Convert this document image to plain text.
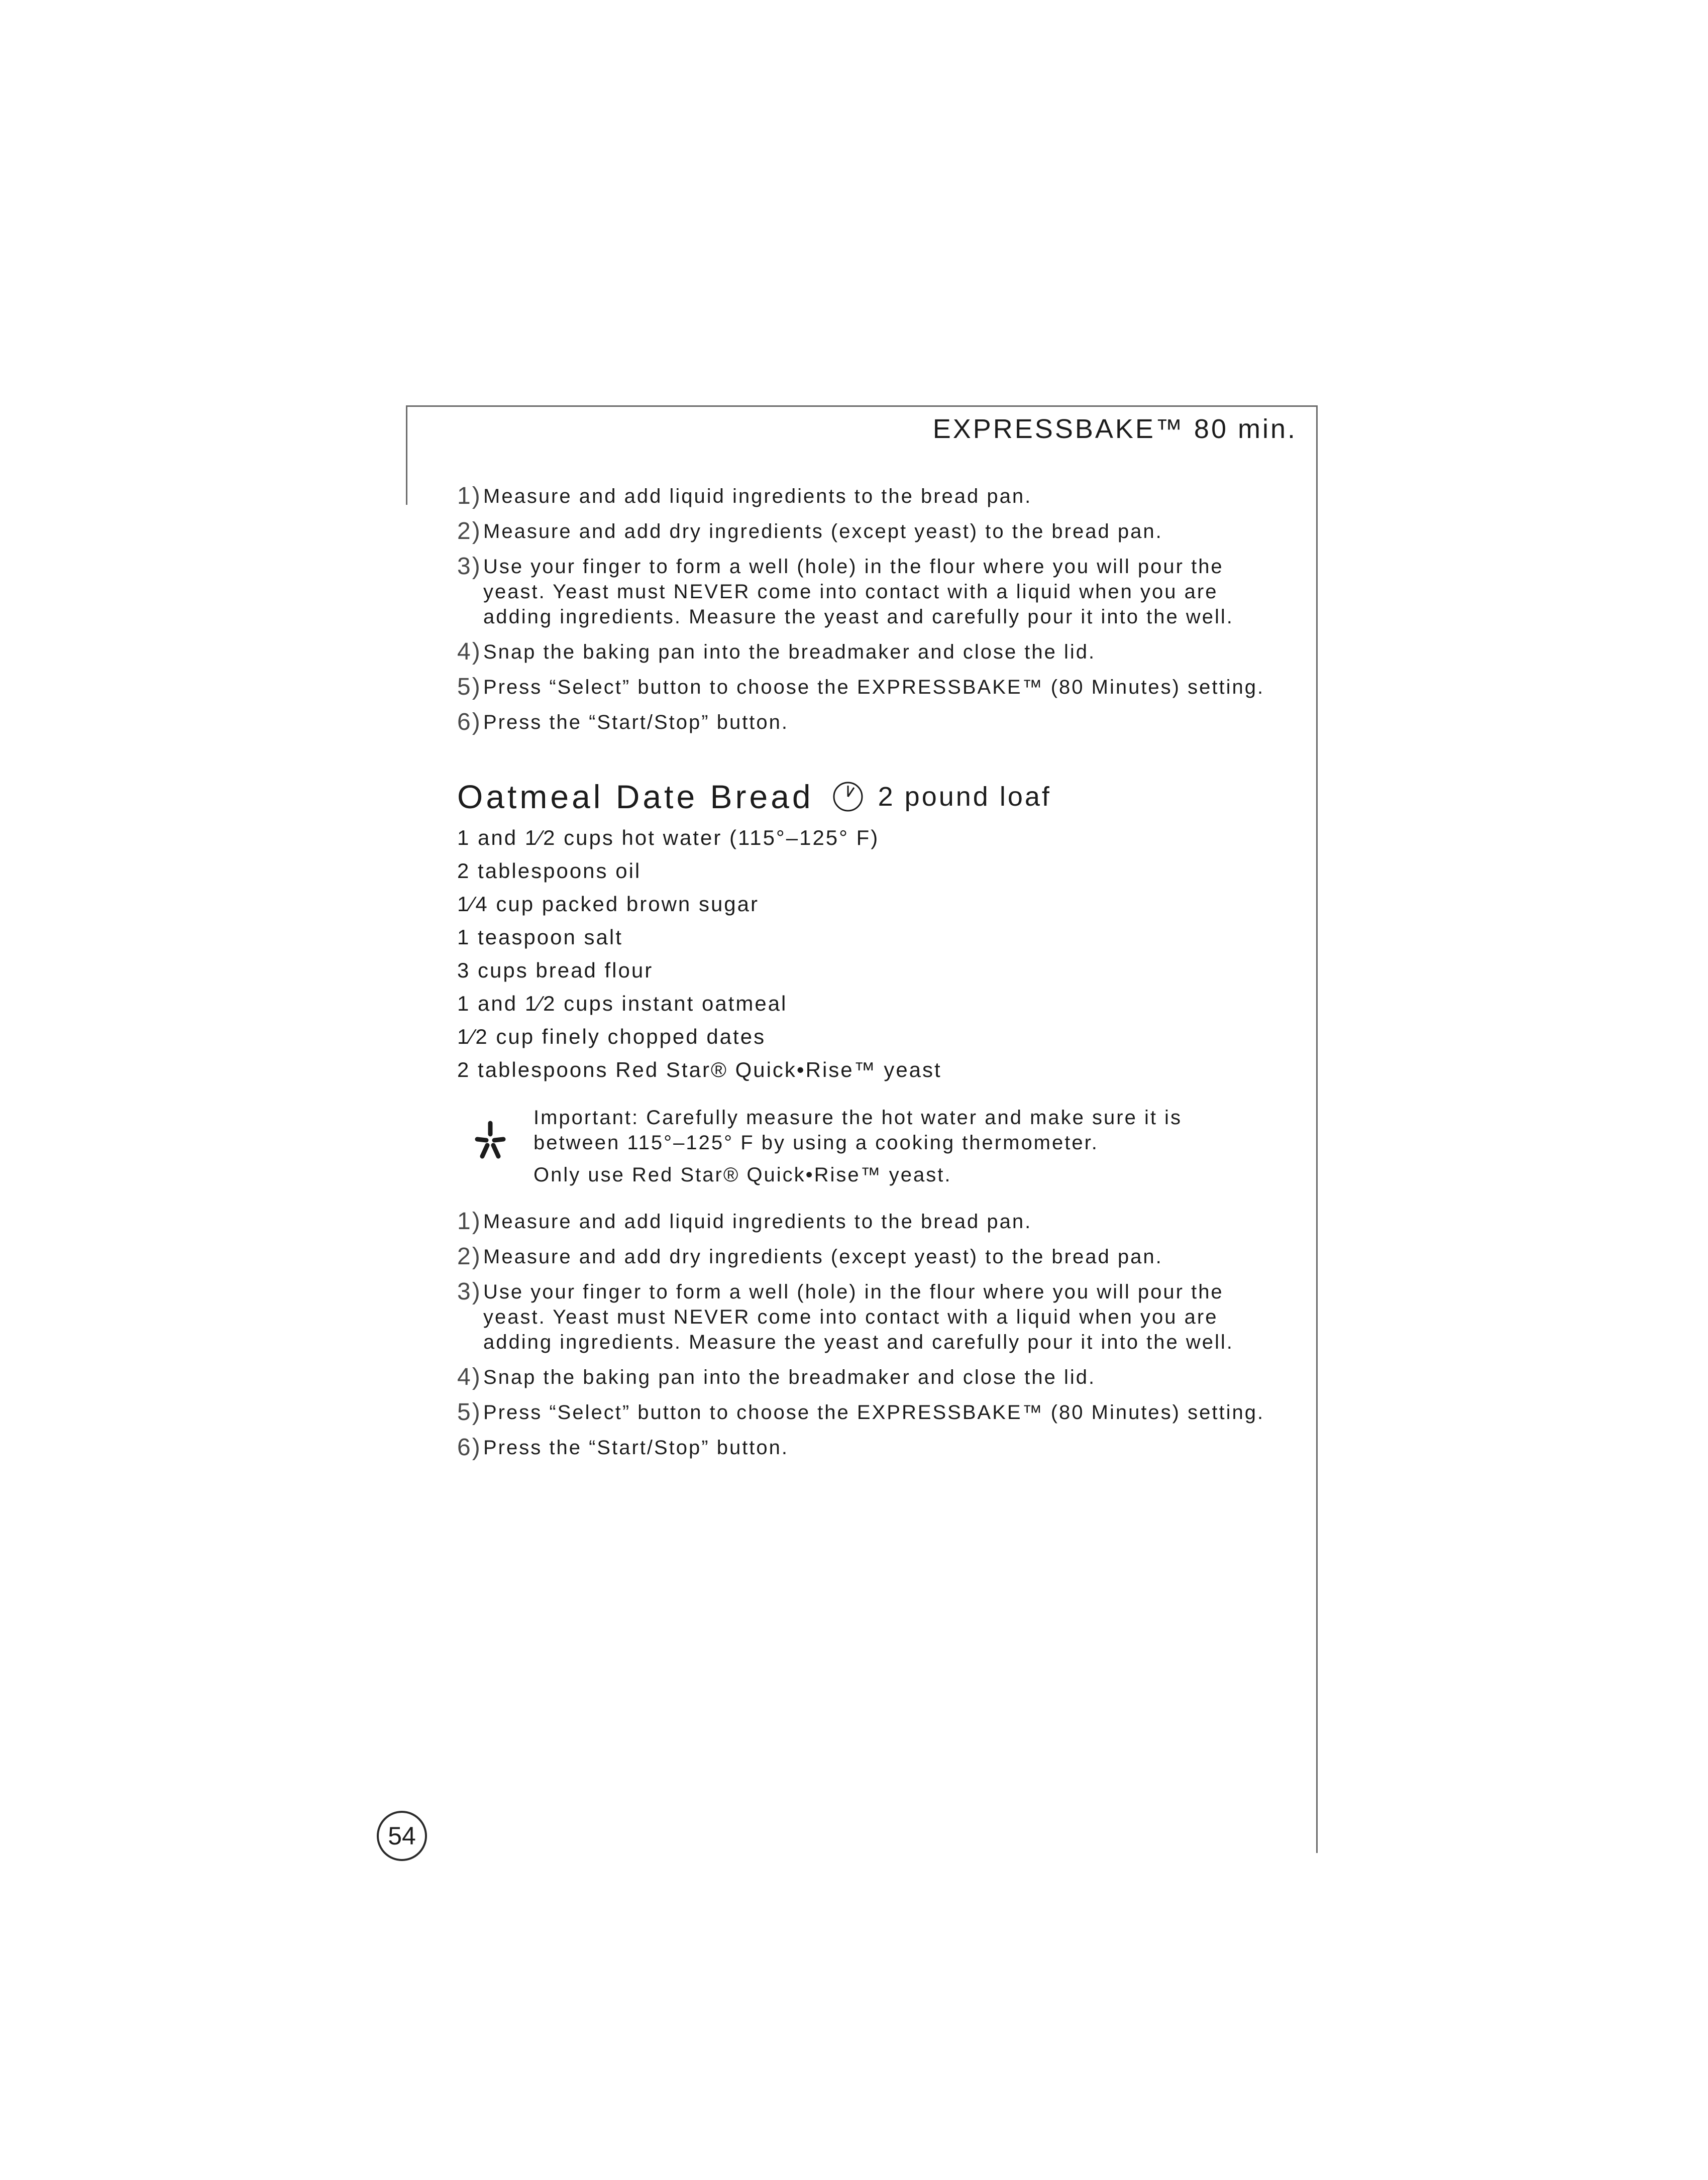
EXPRESSBAKE™ 80 min.
1) Measure and add liquid ingredients to the bread pan.
2) Measure and add dry ingredients (except yeast) to the bread pan.
3) Use your finger to form a well (hole) in the flour where you will pour the
yeast. Yeast must NEVER come into contact with a liquid when you are
adding ingredients. Measure the yeast and carefully pour it into the well.
4) Snap the baking pan into the breadmaker and close the lid.
5) Press “Select” button to choose the EXPRESSBAKE™ (80 Minutes) setting.
6) Press the “Start/Stop” button.
Oatmeal Date Bread 2 pound loaf
1 and 1⁄2 cups hot water (115°–125° F)
2 tablespoons oil
1⁄4 cup packed brown sugar
1 teaspoon salt
3 cups bread flour
1 and 1⁄2 cups instant oatmeal
1⁄2 cup finely chopped dates
2 tablespoons Red Star® Quick•Rise™ yeast

Important: Carefully measure the hot water and make sure it is
between 115°–125° F by using a cooking thermometer.

Only use Red Star® Quick•Rise™ yeast.

1) Measure and add liquid ingredients to the bread pan.
2) Measure and add dry ingredients (except yeast) to the bread pan.
3) Use your finger to form a well (hole) in the flour where you will pour the
yeast. Yeast must NEVER come into contact with a liquid when you are
adding ingredients. Measure the yeast and carefully pour it into the well.
4) Snap the baking pan into the breadmaker and close the lid.
5) Press “Select” button to choose the EXPRESSBAKE™ (80 Minutes) setting.
6) Press the “Start/Stop” button.
54
